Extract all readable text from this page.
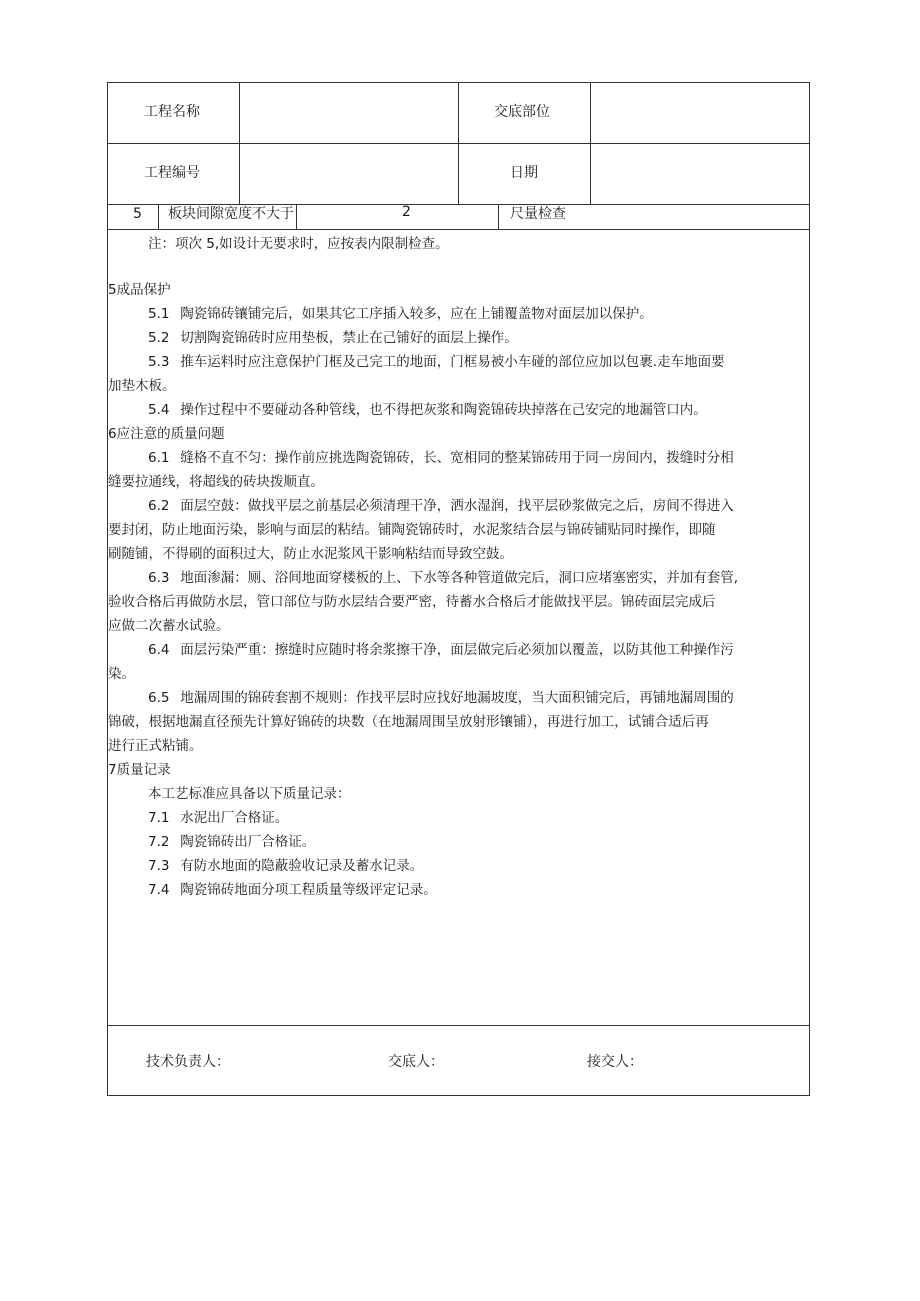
工程名称	交底部位
工程编号	日期
5 板块间隙宽度不大于	2	尺量检查

注：项次 5,如设计无要求时，应按表内限制检查。

5成品保护

5.1 陶瓷锦砖镶铺完后，如果其它工序插入较多，应在上铺覆盖物对面层加以保护。

5.2 切割陶瓷锦砖时应用垫板，禁止在己铺好的面层上操作。

5.3 推车运料时应注意保护门框及己完工的地面，门框易被小车碰的部位应加以包裹.走车地面要

加垫木板。

5.4 操作过程中不要碰动各种管线，也不得把灰浆和陶瓷锦砖块掉落在己安完的地漏管口内。

6应注意的质量问题

6.1 缝格不直不匀：操作前应挑选陶瓷锦砖，长、宽相同的整某锦砖用于同一房间内，拨缝时分相

缝要拉通线，将超线的砖块拨顺直。

6.2 面层空鼓：做找平层之前基层必须清理干净，洒水湿润，找平层砂浆做完之后，房间不得进入

要封闭，防止地面污染，影响与面层的粘结。铺陶瓷锦砖时，水泥浆结合层与锦砖铺贴同时操作，即随

刷随铺，不得刷的面积过大，防止水泥浆风干影响粘结而导致空鼓。

6.3 地面渗漏：厕、浴间地面穿楼板的上、下水等各种管道做完后，洞口应堵塞密实，并加有套管,

验收合格后再做防水层，管口部位与防水层结合要严密，待蓄水合格后才能做找平层。锦砖面层完成后

应做二次蓄水试验。

6.4 面层污染严重：擦缝时应随时将余浆擦干净，面层做完后必须加以覆盖，以防其他工种操作污

染。

6.5 地漏周围的锦砖套割不规则：作找平层时应找好地漏坡度，当大面积铺完后，再铺地漏周围的

锦破，根据地漏直径预先计算好锦砖的块数（在地漏周围呈放射形镶铺），再进行加工，试铺合适后再

进行正式粘铺。

7质量记录

本工艺标准应具备以下质量记录：

7.1 水泥出厂合格证。

7.2 陶瓷锦砖出厂合格证。

7.3 有防水地面的隐蔽验收记录及蓄水记录。

7.4 陶瓷锦砖地面分项工程质量等级评定记录。

技术负责人：	交底人：	接交人：
